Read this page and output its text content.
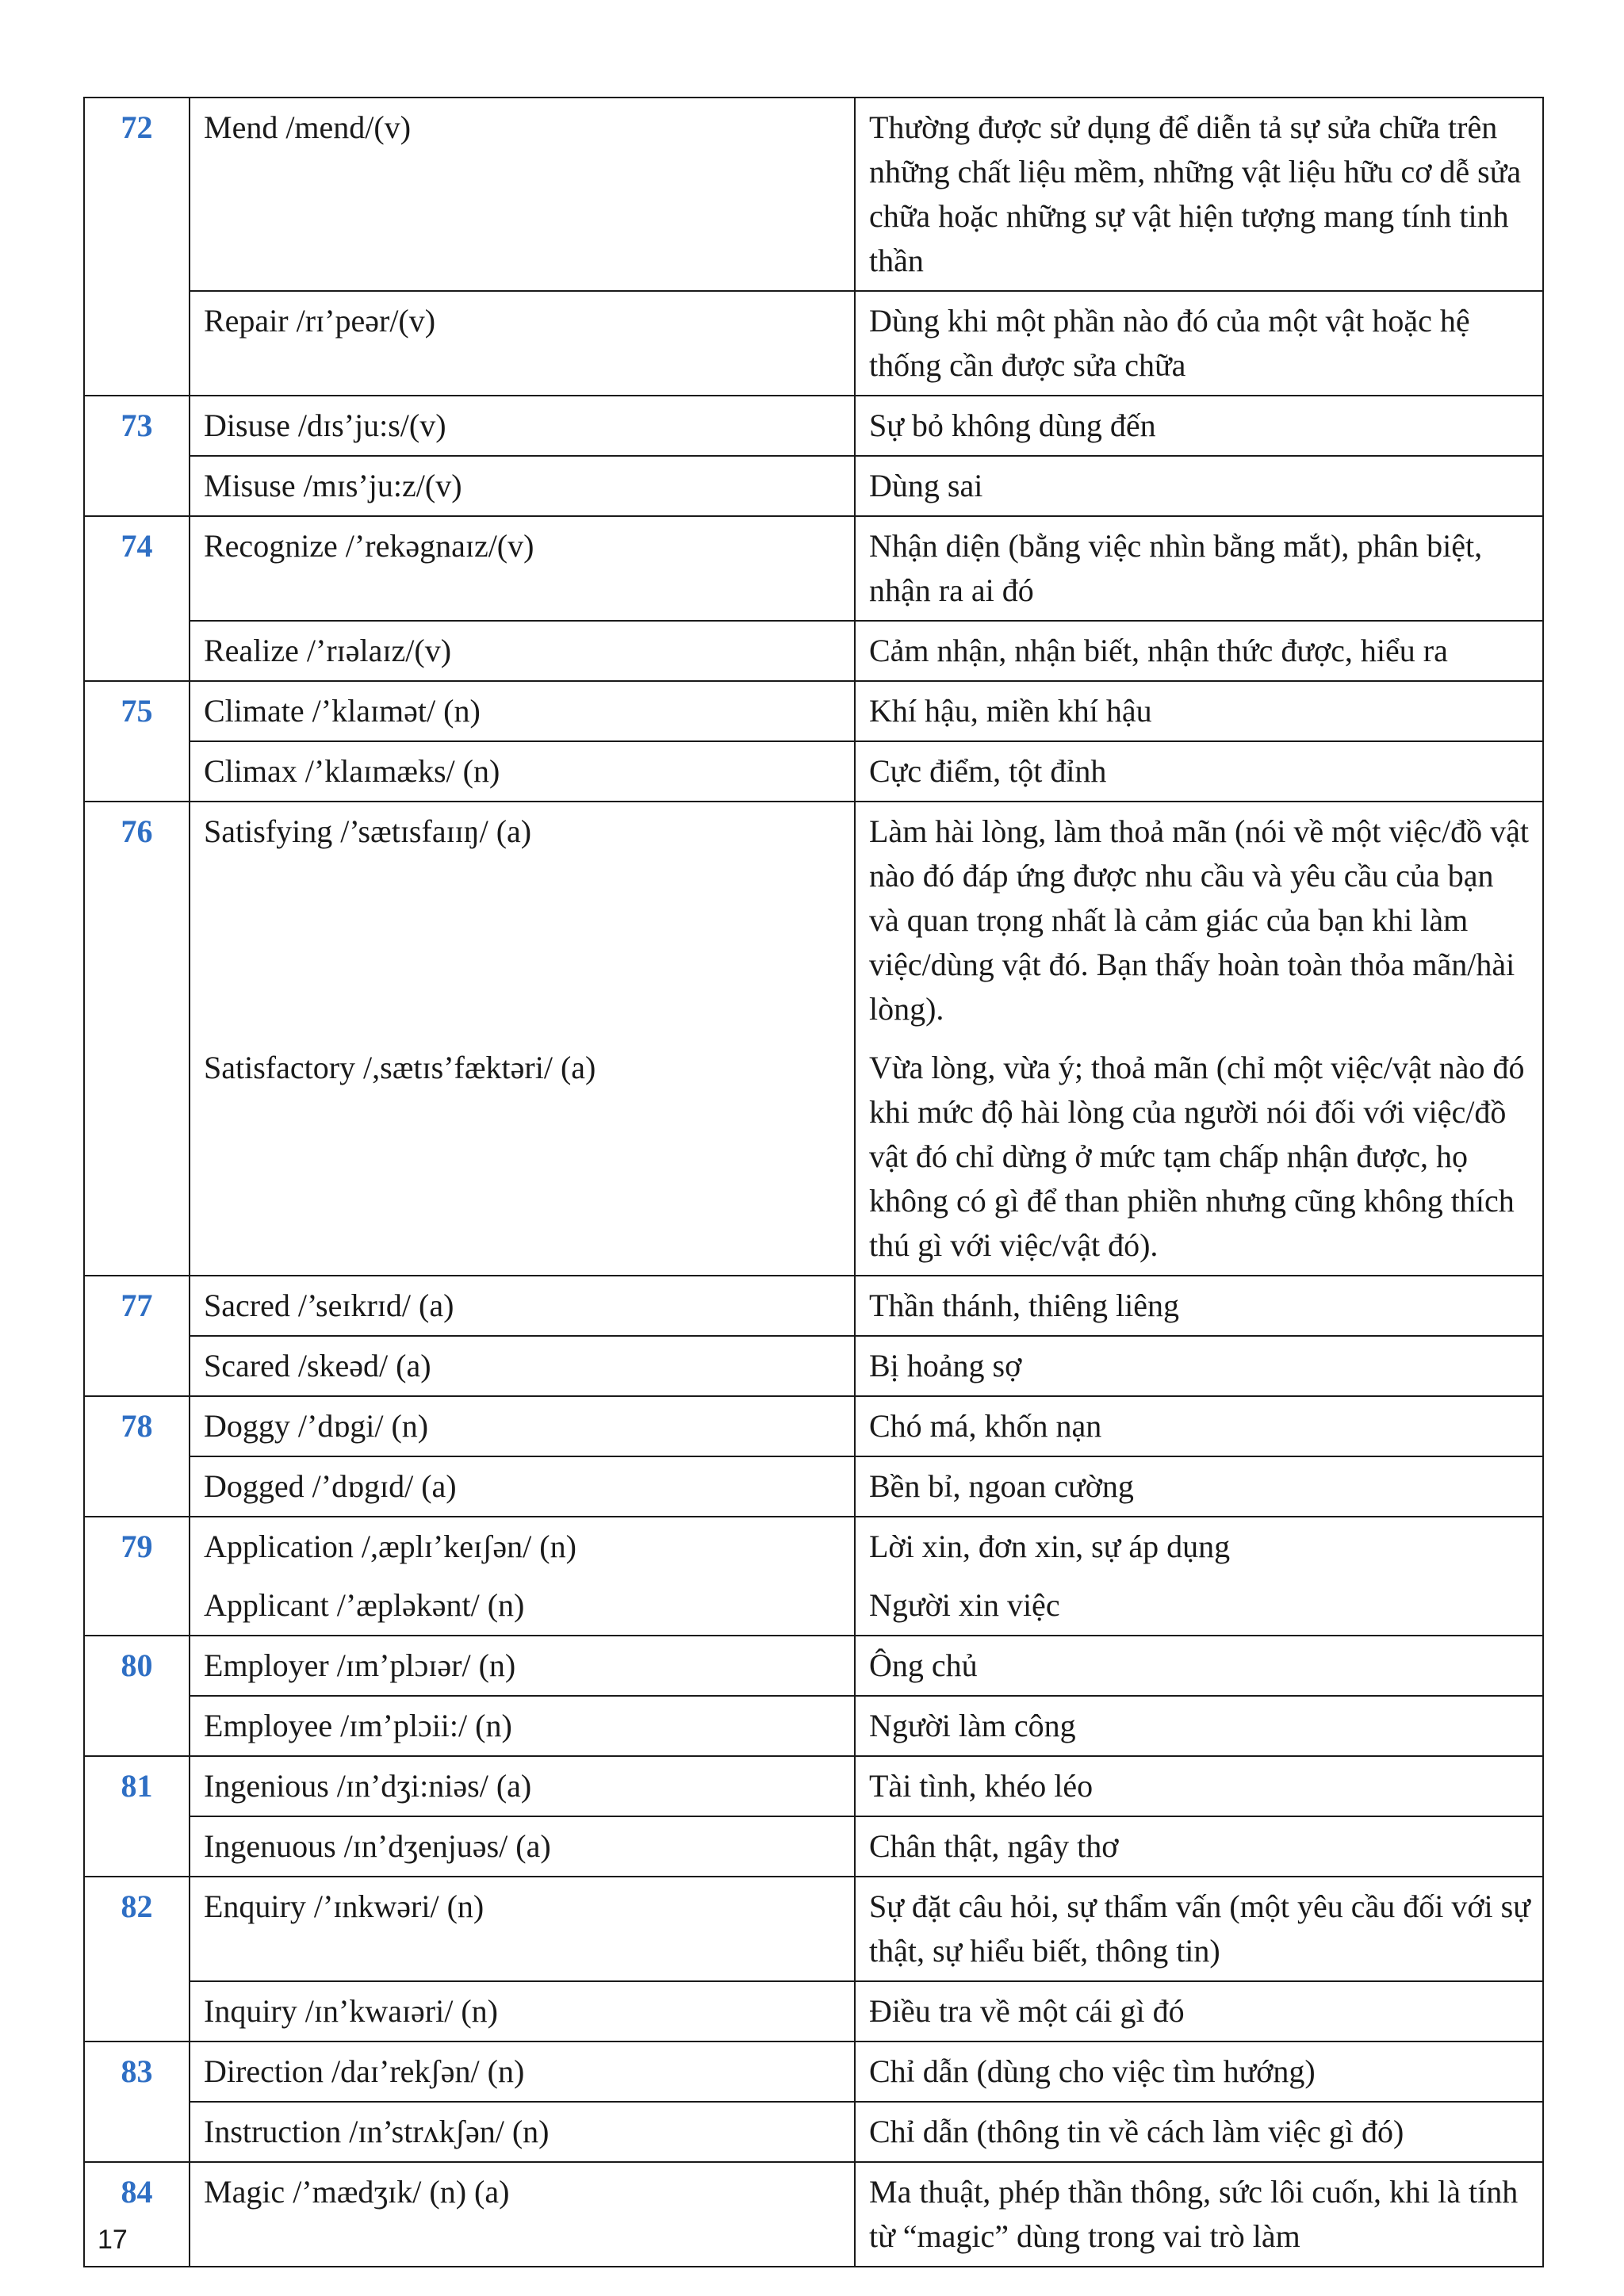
72	Mend /mend/(v)	Thường được sử dụng để diễn tả sự sửa chữa trên những chất liệu mềm, những vật liệu hữu cơ dễ sửa chữa hoặc những sự vật hiện tượng mang tính tinh thần
	Repair /rɪ’peər/(v)	Dùng khi một phần nào đó của một vật hoặc hệ thống cần được sửa chữa
73	Disuse /dɪs’ju:s/(v)	Sự bỏ không dùng đến
	Misuse /mɪs’ju:z/(v)	Dùng sai
74	Recognize /’rekəgnaɪz/(v)	Nhận diện (bằng việc nhìn bằng mắt), phân biệt, nhận ra ai đó
	Realize /’rɪəlaɪz/(v)	Cảm nhận, nhận biết, nhận thức được, hiểu ra
75	Climate /’klaɪmət/ (n)	Khí hậu, miền khí hậu
	Climax /’klaɪmæks/ (n)	Cực điểm, tột đỉnh
76	Satisfying /’sætɪsfaɪɪŋ/ (a)	Làm hài lòng, làm thoả mãn (nói về một việc/đồ vật nào đó đáp ứng được nhu cầu và yêu cầu của bạn và quan trọng nhất là cảm giác của bạn khi làm việc/dùng vật đó. Bạn thấy hoàn toàn thỏa mãn/hài lòng).
	Satisfactory /,sætɪs’fæktəri/ (a)	Vừa lòng, vừa ý; thoả mãn (chỉ một việc/vật nào đó khi mức độ hài lòng của người nói đối với việc/đồ vật đó chỉ dừng ở mức tạm chấp nhận được, họ không có gì để than phiền nhưng cũng không thích thú gì với việc/vật đó).
77	Sacred /’seɪkrɪd/ (a)	Thần thánh, thiêng liêng
	Scared /skeəd/ (a)	Bị hoảng sợ
78	Doggy /’dɒgi/ (n)	Chó má, khốn nạn
	Dogged /’dɒgɪd/ (a)	Bền bỉ, ngoan cường
79	Application /,æplɪ’keɪʃən/ (n)	Lời xin, đơn xin, sự áp dụng
	Applicant /’æpləkənt/ (n)	Người xin việc
80	Employer /ɪm’plɔɪər/ (n)	Ông chủ
	Employee /ɪm’plɔii:/ (n)	Người làm công
81	Ingenious /ɪn’dʒi:niəs/ (a)	Tài tình, khéo léo
	Ingenuous /ɪn’dʒenjuəs/ (a)	Chân thật, ngây thơ
82	Enquiry /’ɪnkwəri/ (n)	Sự đặt câu hỏi, sự thẩm vấn (một yêu cầu đối với sự thật, sự hiểu biết, thông tin)
	Inquiry /ɪn’kwaɪəri/ (n)	Điều tra về một cái gì đó
83	Direction /daɪ’rekʃən/ (n)	Chỉ dẫn (dùng cho việc tìm hướng)
	Instruction /ɪn’strʌkʃən/ (n)	Chỉ dẫn (thông tin về cách làm việc gì đó)
84	Magic /’mædʒɪk/ (n) (a)	Ma thuật, phép thần thông, sức lôi cuốn, khi là tính từ “magic” dùng trong vai trò làm
17
